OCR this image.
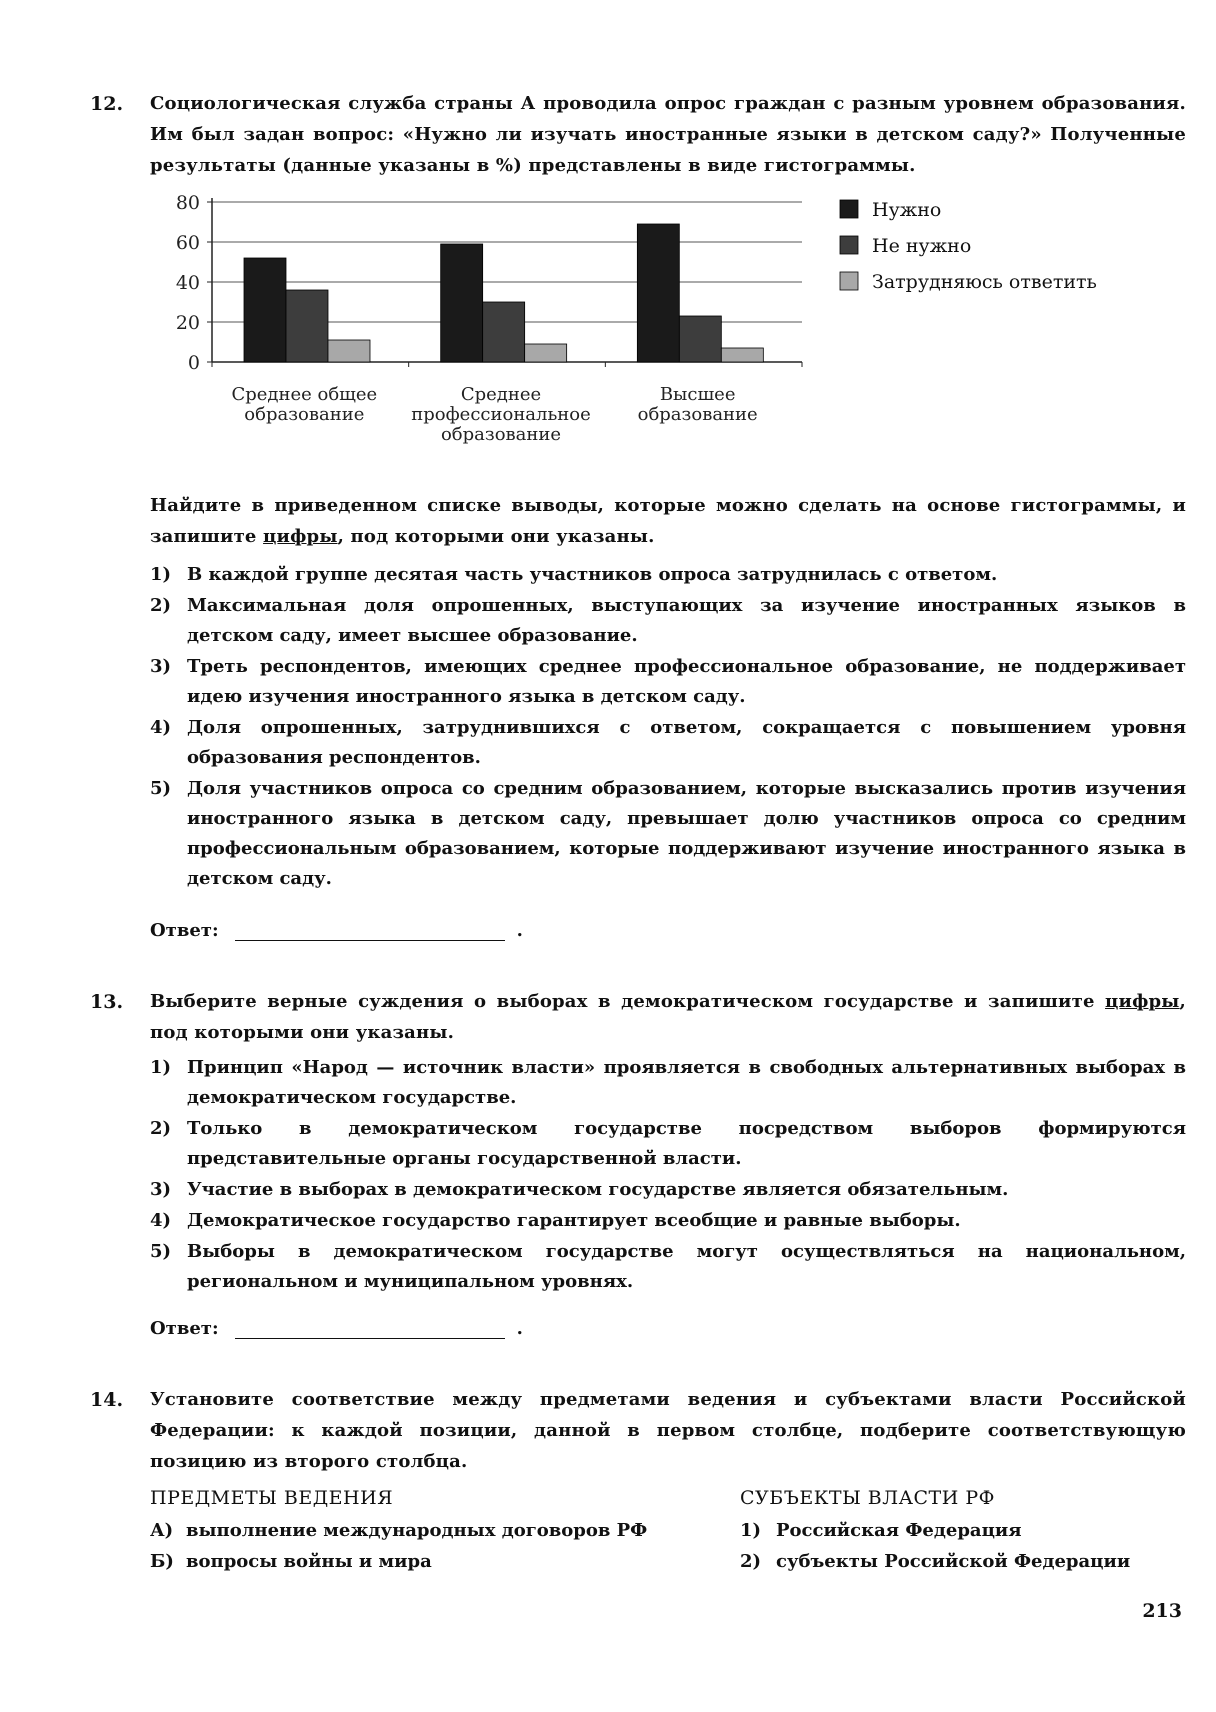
12. Социологическая служба страны А проводила опрос граждан с разным уровнем образования. Им был задан вопрос: «Нужно ли изучать иностранные языки в детском саду?» Полученные результаты (данные указаны в %) представлены в виде гистограммы.
0
20
40
60
80
Среднее общее
образование
Среднее
профессиональное
образование
Высшее
образование
Нужно
Не нужно
Затрудняюсь ответить
Найдите в приведенном списке выводы, которые можно сделать на основе гистограммы, и запишите цифры, под которыми они указаны.
1) В каждой группе десятая часть участников опроса затруднилась с ответом.
2) Максимальная доля опрошенных, выступающих за изучение иностранных языков в детском саду, имеет высшее образование.
3) Треть респондентов, имеющих среднее профессиональное образование, не поддерживает идею изучения иностранного языка в детском саду.
4) Доля опрошенных, затруднившихся с ответом, сокращается с повышением уровня образования респондентов.
5) Доля участников опроса со средним образованием, которые высказались против изучения иностранного языка в детском саду, превышает долю участников опроса со средним профессиональным образованием, которые поддерживают изучение иностранного языка в детском саду.
Ответ:	.
13. Выберите верные суждения о выборах в демократическом государстве и запишите цифры, под которыми они указаны.
1) Принцип «Народ — источник власти» проявляется в свободных альтернативных выборах в демократическом государстве.
2) Только в демократическом государстве посредством выборов формируются представительные органы государственной власти.
3) Участие в выборах в демократическом государстве является обязательным.
4) Демократическое государство гарантирует всеобщие и равные выборы.
5) Выборы в демократическом государстве могут осуществляться на национальном, региональном и муниципальном уровнях.
Ответ:	.
14. Установите соответствие между предметами ведения и субъектами власти Российской Федерации: к каждой позиции, данной в первом столбце, подберите соответствующую позицию из второго столбца.
ПРЕДМЕТЫ ВЕДЕНИЯ
А) выполнение международных договоров РФ
Б) вопросы войны и мира
СУБЪЕКТЫ ВЛАСТИ РФ
1) Российская Федерация
2) субъекты Российской Федерации
213
